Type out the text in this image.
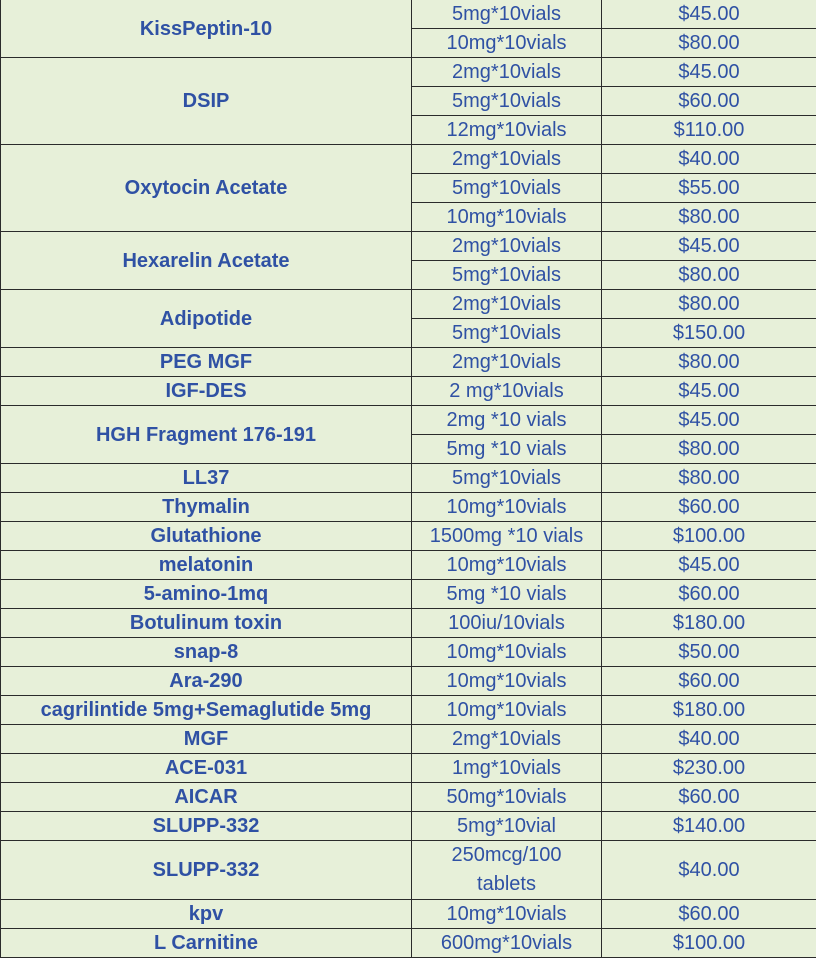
KissPeptin-10	5mg*10vials	$45.00
	10mg*10vials	$80.00
DSIP	2mg*10vials	$45.00
	5mg*10vials	$60.00
	12mg*10vials	$110.00
Oxytocin Acetate	2mg*10vials	$40.00
	5mg*10vials	$55.00
	10mg*10vials	$80.00
Hexarelin Acetate	2mg*10vials	$45.00
	5mg*10vials	$80.00
Adipotide	2mg*10vials	$80.00
	5mg*10vials	$150.00
PEG MGF	2mg*10vials	$80.00
IGF-DES	2 mg*10vials	$45.00
HGH Fragment 176-191	2mg *10 vials	$45.00
	5mg *10 vials	$80.00
LL37	5mg*10vials	$80.00
Thymalin	10mg*10vials	$60.00
Glutathione	1500mg *10 vials	$100.00
melatonin	10mg*10vials	$45.00
5-amino-1mq	5mg *10 vials	$60.00
Botulinum toxin	100iu/10vials	$180.00
snap-8	10mg*10vials	$50.00
Ara-290	10mg*10vials	$60.00
cagrilintide 5mg+Semaglutide 5mg	10mg*10vials	$180.00
MGF	2mg*10vials	$40.00
ACE-031	1mg*10vials	$230.00
AICAR	50mg*10vials	$60.00
SLUPP-332	5mg*10vial	$140.00
SLUPP-332	250mcg/100 tablets	$40.00
kpv	10mg*10vials	$60.00
L Carnitine	600mg*10vials	$100.00
